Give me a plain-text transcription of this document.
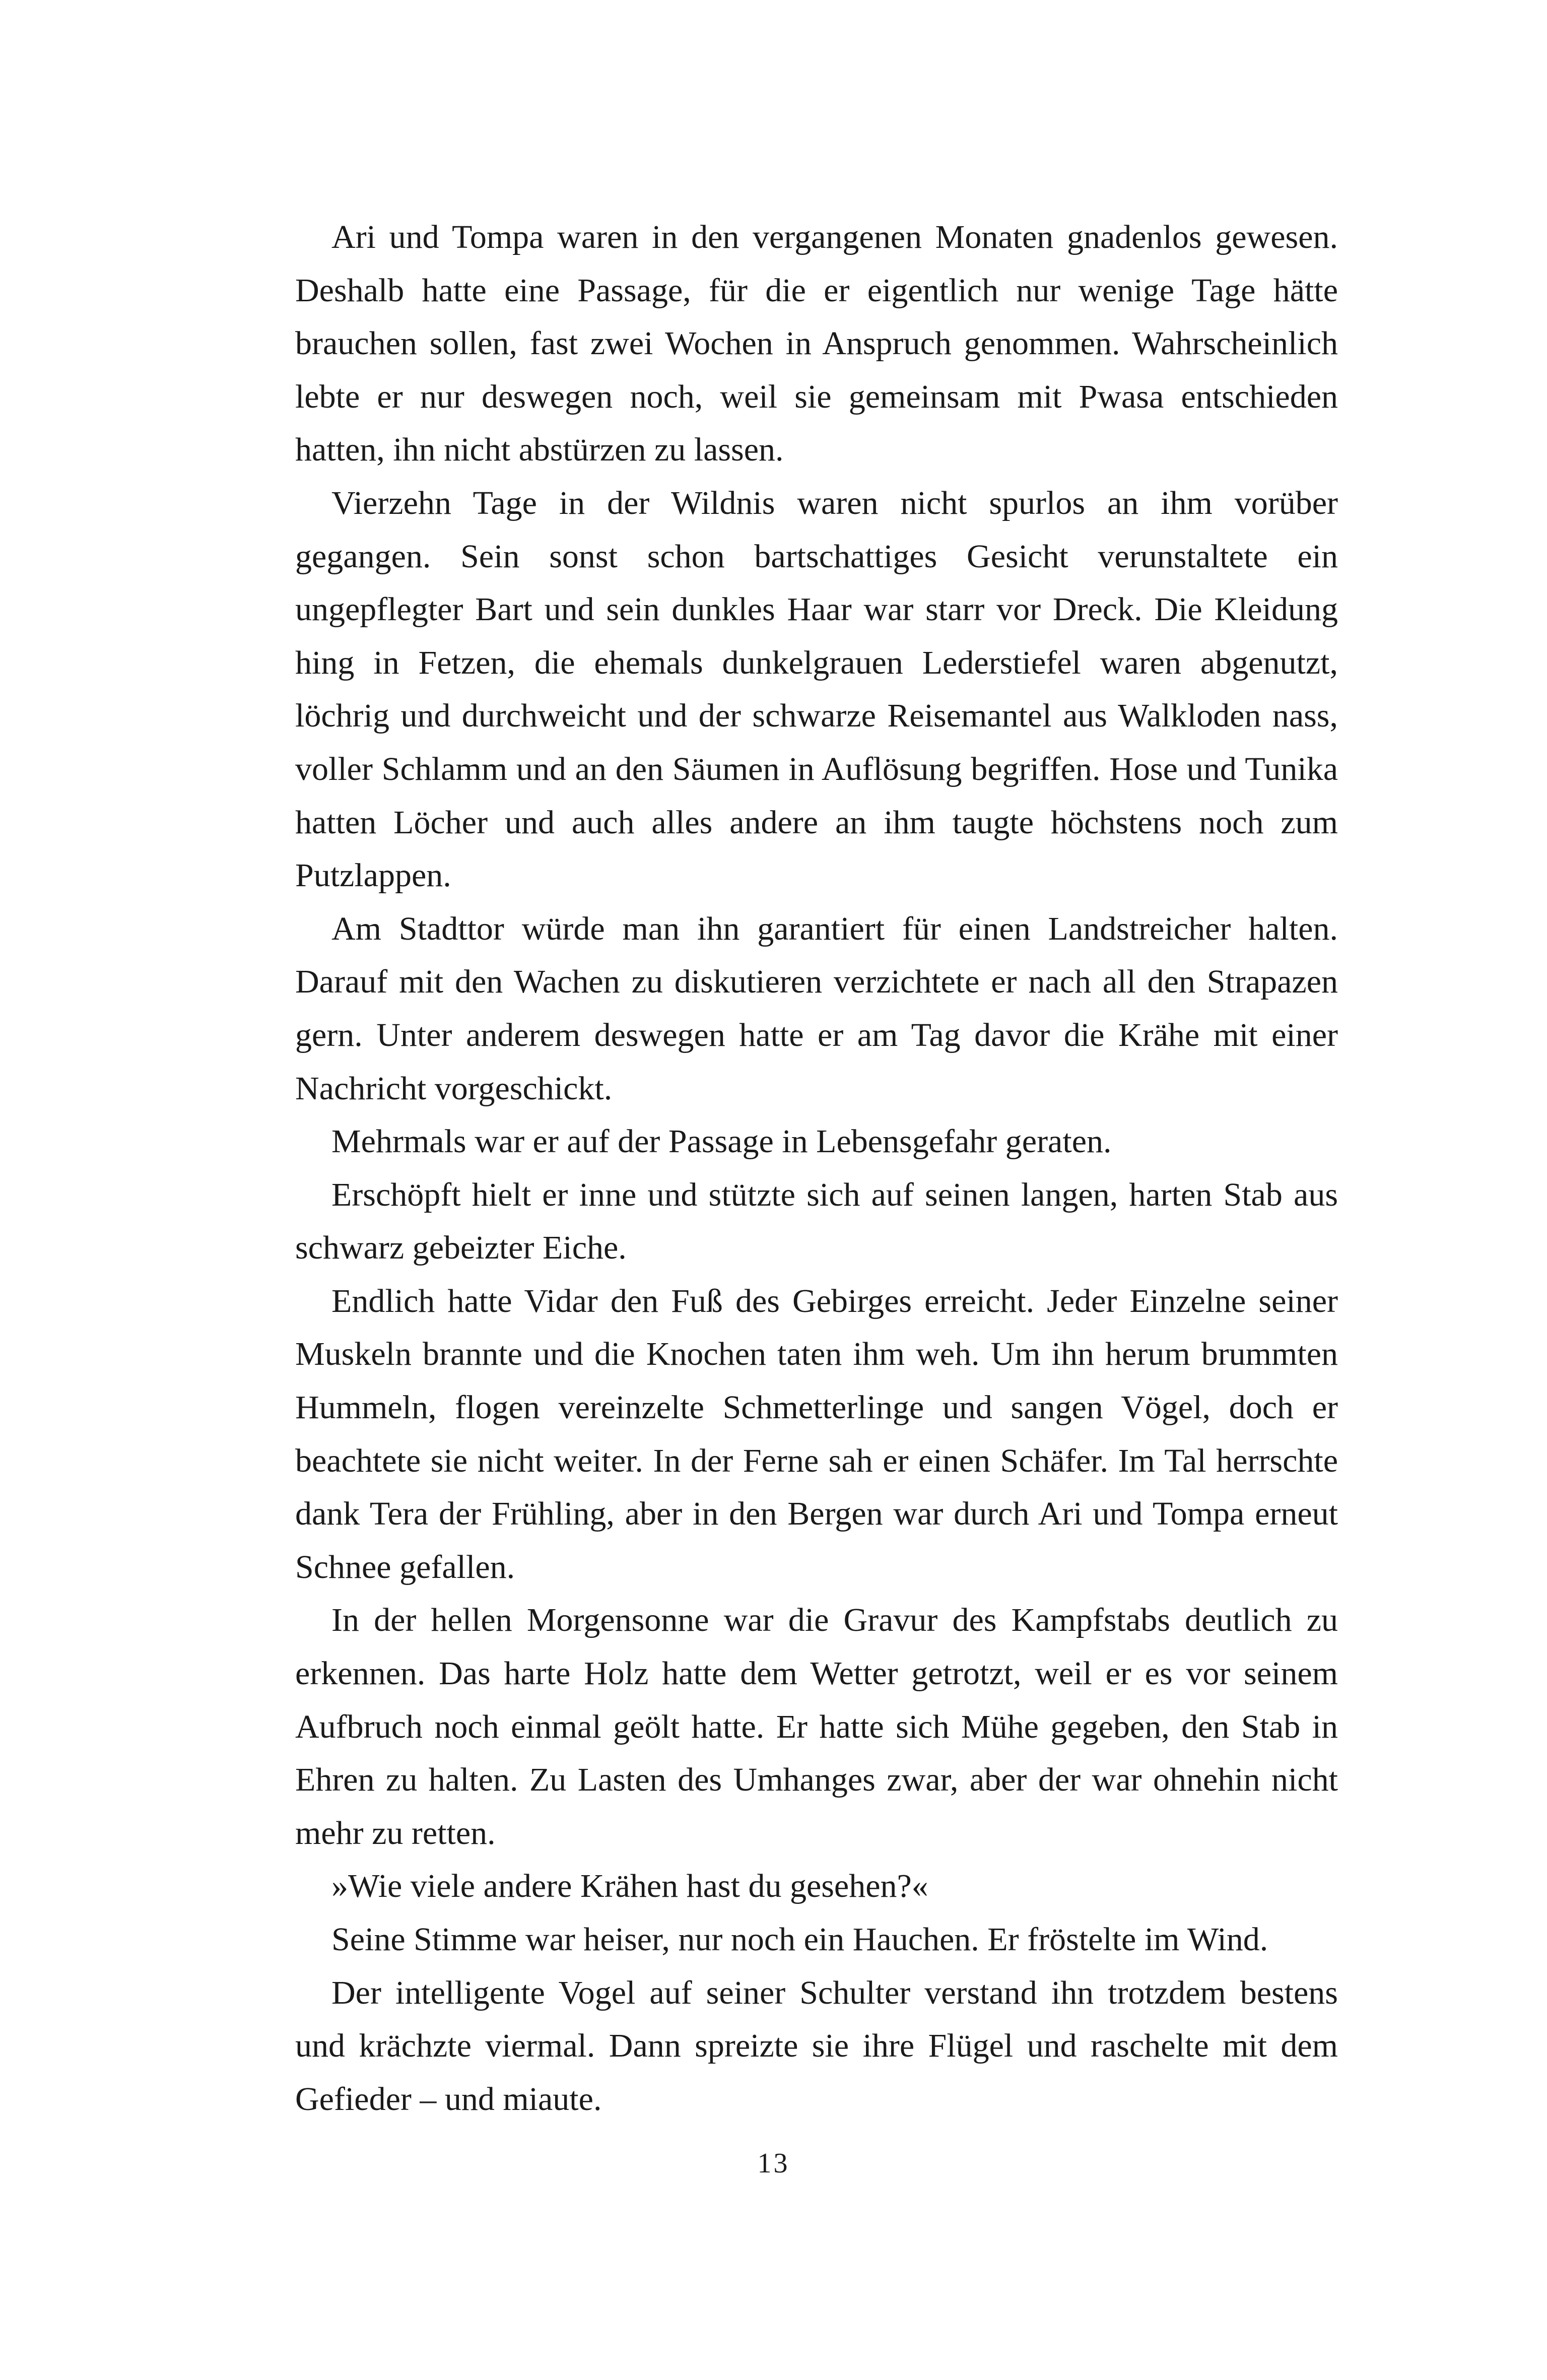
Ari und Tompa waren in den vergangenen Monaten gnadenlos gewesen. Deshalb hatte eine Passage, für die er eigentlich nur wenige Tage hätte brauchen sollen, fast zwei Wochen in Anspruch genommen. Wahrscheinlich lebte er nur deswegen noch, weil sie gemeinsam mit Pwasa entschieden hatten, ihn nicht abstürzen zu lassen.

Vierzehn Tage in der Wildnis waren nicht spurlos an ihm vorüber gegangen. Sein sonst schon bartschattiges Gesicht verunstaltete ein ungepflegter Bart und sein dunkles Haar war starr vor Dreck. Die Kleidung hing in Fetzen, die ehemals dunkelgrauen Lederstiefel waren abgenutzt, löchrig und durchweicht und der schwarze Reisemantel aus Walkloden nass, voller Schlamm und an den Säumen in Auflösung begriffen. Hose und Tunika hatten Löcher und auch alles andere an ihm taugte höchstens noch zum Putzlappen.

Am Stadttor würde man ihn garantiert für einen Landstreicher halten. Darauf mit den Wachen zu diskutieren verzichtete er nach all den Strapazen gern. Unter anderem deswegen hatte er am Tag davor die Krähe mit einer Nachricht vorgeschickt.

Mehrmals war er auf der Passage in Lebensgefahr geraten.

Erschöpft hielt er inne und stützte sich auf seinen langen, harten Stab aus schwarz gebeizter Eiche.

Endlich hatte Vidar den Fuß des Gebirges erreicht. Jeder Einzelne seiner Muskeln brannte und die Knochen taten ihm weh. Um ihn herum brummten Hummeln, flogen vereinzelte Schmetterlinge und sangen Vögel, doch er beachtete sie nicht weiter. In der Ferne sah er einen Schäfer. Im Tal herrschte dank Tera der Frühling, aber in den Bergen war durch Ari und Tompa erneut Schnee gefallen.

In der hellen Morgensonne war die Gravur des Kampfstabs deutlich zu erkennen. Das harte Holz hatte dem Wetter getrotzt, weil er es vor seinem Aufbruch noch einmal geölt hatte. Er hatte sich Mühe gegeben, den Stab in Ehren zu halten. Zu Lasten des Umhanges zwar, aber der war ohnehin nicht mehr zu retten.

»Wie viele andere Krähen hast du gesehen?«

Seine Stimme war heiser, nur noch ein Hauchen. Er fröstelte im Wind.

Der intelligente Vogel auf seiner Schulter verstand ihn trotzdem bestens und krächzte viermal. Dann spreizte sie ihre Flügel und raschelte mit dem Gefieder – und miaute.

13
